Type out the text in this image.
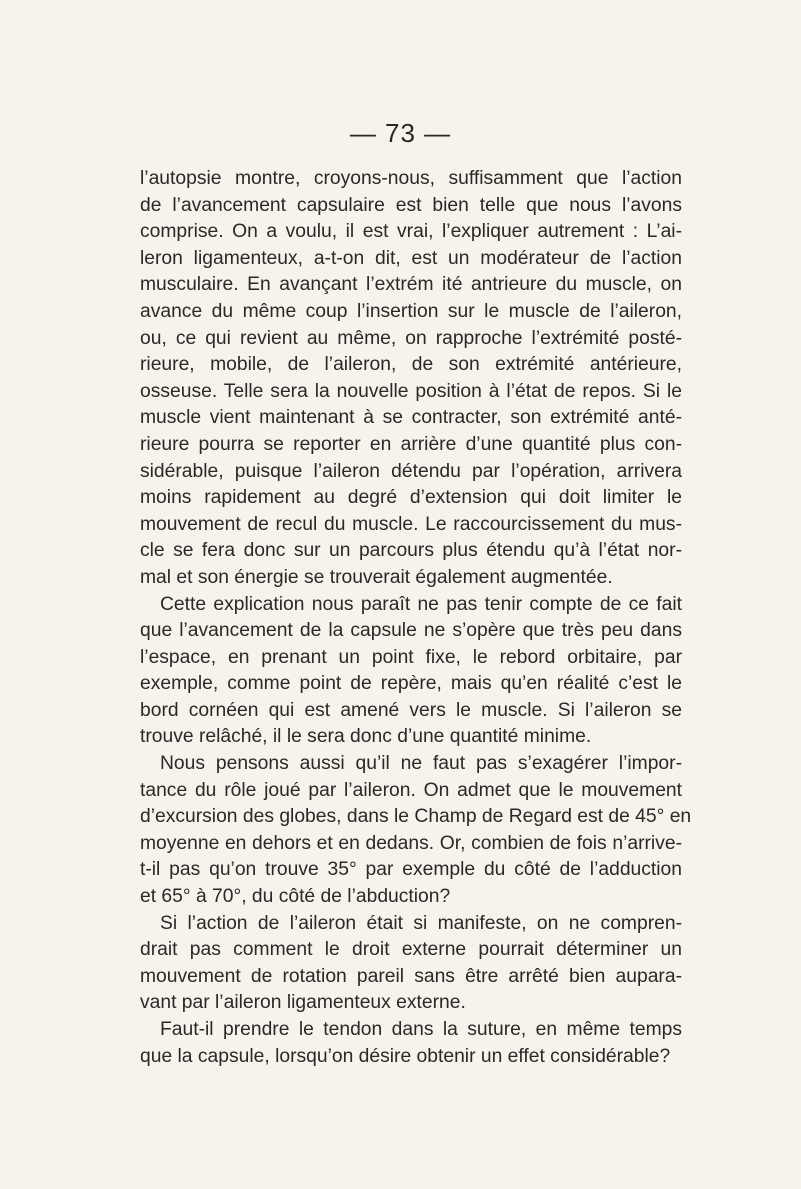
— 73 —
l’autopsie montre, croyons-nous, suffisamment que l’action
de l’avancement capsulaire est bien telle que nous l’avons
comprise. On a voulu, il est vrai, l’expliquer autrement : L’ai-
leron ligamenteux, a-t-on dit, est un modérateur de l’action
musculaire. En avançant l’extrém ité antrieure du muscle, on
avance du même coup l’insertion sur le muscle de l’aileron,
ou, ce qui revient au même, on rapproche l’extrémité posté-
rieure, mobile, de l’aileron, de son extrémité antérieure,
osseuse. Telle sera la nouvelle position à l’état de repos. Si le
muscle vient maintenant à se contracter, son extrémité anté-
rieure pourra se reporter en arrière d’une quantité plus con-
sidérable, puisque l’aileron détendu par l’opération, arrivera
moins rapidement au degré d’extension qui doit limiter le
mouvement de recul du muscle. Le raccourcissement du mus-
cle se fera donc sur un parcours plus étendu qu’à l’état nor-
mal et son énergie se trouverait également augmentée.
Cette explication nous paraît ne pas tenir compte de ce fait
que l’avancement de la capsule ne s’opère que très peu dans
l’espace, en prenant un point fixe, le rebord orbitaire, par
exemple, comme point de repère, mais qu’en réalité c’est le
bord cornéen qui est amené vers le muscle. Si l’aileron se
trouve relâché, il le sera donc d’une quantité minime.
Nous pensons aussi qu’il ne faut pas s’exagérer l’impor-
tance du rôle joué par l’aileron. On admet que le mouvement
d’excursion des globes, dans le Champ de Regard est de 45° en
moyenne en dehors et en dedans. Or, combien de fois n’arrive-
t-il pas qu’on trouve 35° par exemple du côté de l’adduction
et 65° à 70°, du côté de l’abduction?
Si l’action de l’aileron était si manifeste, on ne compren-
drait pas comment le droit externe pourrait déterminer un
mouvement de rotation pareil sans être arrêté bien aupara-
vant par l’aileron ligamenteux externe.
Faut-il prendre le tendon dans la suture, en même temps
que la capsule, lorsqu’on désire obtenir un effet considérable?
